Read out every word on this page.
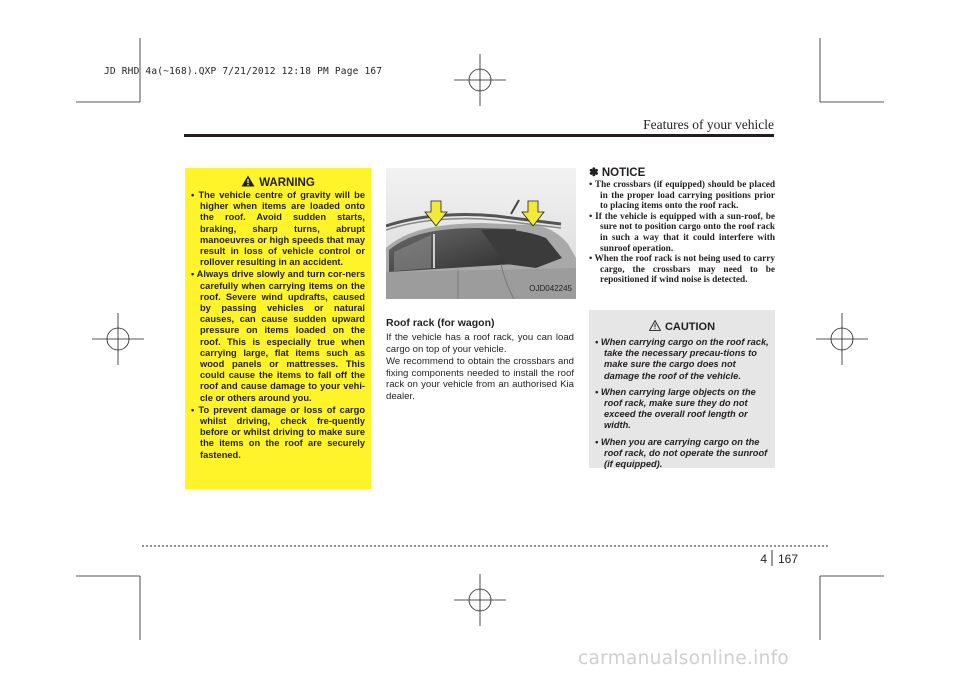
JD RHD 4a(~168).QXP 7/21/2012 12:18 PM Page 167
Features of your vehicle
WARNING
• The vehicle centre of gravity will be higher when items are loaded onto the roof. Avoid sudden starts, braking, sharp turns, abrupt manoeuvres or high speeds that may result in loss of vehicle control or rollover resulting in an accident.
• Always drive slowly and turn cor-ners carefully when carrying items on the roof. Severe wind updrafts, caused by passing vehicles or natural causes, can cause sudden upward pressure on items loaded on the roof. This is especially true when carrying large, flat items such as wood panels or mattresses. This could cause the items to fall off the roof and cause damage to your vehi-cle or others around you.
• To prevent damage or loss of cargo whilst driving, check fre-quently before or whilst driving to make sure the items on the roof are securely fastened.
OJD042245
Roof rack (for wagon)

If the vehicle has a roof rack, you can load cargo on top of your vehicle.

We recommend to obtain the crossbars and fixing components needed to install the roof rack on your vehicle from an authorised Kia dealer.

✽ NOTICE
• The crossbars (if equipped) should be placed in the proper load carrying positions prior to placing items onto the roof rack.
• If the vehicle is equipped with a sun-roof, be sure not to position cargo onto the roof rack in such a way that it could interfere with sunroof operation.
• When the roof rack is not being used to carry cargo, the crossbars may need to be repositioned if wind noise is detected.
CAUTION
• When carrying cargo on the roof rack, take the necessary precau-tions to make sure the cargo does not damage the roof of the vehicle.
• When carrying large objects on the roof rack, make sure they do not exceed the overall roof length or width.
• When you are carrying cargo on the roof rack, do not operate the sunroof (if equipped).
4 167
carmanualsonline.info
